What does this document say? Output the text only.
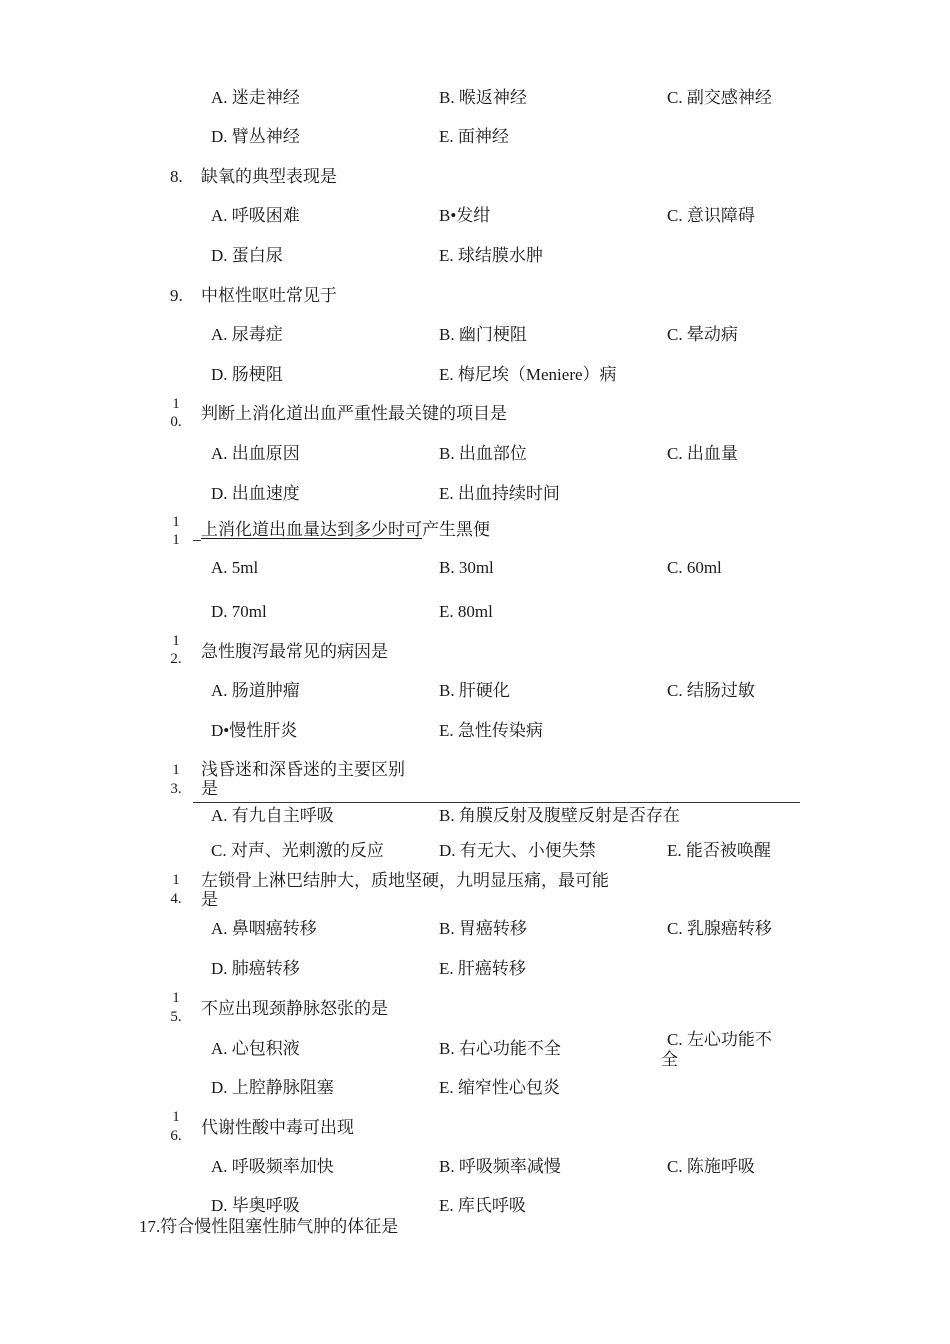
A. 迷走神经	B. 喉返神经	C. 副交感神经
D. 臂丛神经	E. 面神经
8. 缺氧的典型表现是
A. 呼吸困难	B•发绀	C. 意识障碍
D. 蛋白尿	E. 球结膜水肿
9. 中枢性呕吐常见于
A. 尿毒症	B. 幽门梗阻	C. 晕动病
D. 肠梗阻	E. 梅尼埃（Meniere）病
1
0. 判断上消化道出血严重性最关键的项目是
A. 出血原因	B. 出血部位	C. 出血量
D. 出血速度	E. 出血持续时间
1
1
上消化道出血量达到多少时可产生黑便
A. 5ml	B. 30ml	C. 60ml
D. 70ml	E. 80ml
1
2. 急性腹泻最常见的病因是
A. 肠道肿瘤	B. 肝硬化	C. 结肠过敏
D•慢性肝炎	E. 急性传染病
1
3.
浅昏迷和深昏迷的主要区别
是
A. 有九自主呼吸	B. 角膜反射及腹壁反射是否存在
C. 对声、光刺激的反应	D. 有无大、小便失禁	E. 能否被唤醒
1
4.
左锁骨上淋巴结肿大，质地坚硬，九明显压痛，最可能
是
A. 鼻咽癌转移	B. 胃癌转移	C. 乳腺癌转移
D. 肺癌转移	E. 肝癌转移
1
5. 不应出现颈静脉怒张的是
A. 心包积液	B. 右心功能不全	C. 左心功能不
全
D. 上腔静脉阻塞	E. 缩窄性心包炎
1
6. 代谢性酸中毒可出现
A. 呼吸频率加快	B. 呼吸频率减慢	C. 陈施呼吸
D. 毕奥呼吸	E. 库氏呼吸
17.符合慢性阻塞性肺气肿的体征是
